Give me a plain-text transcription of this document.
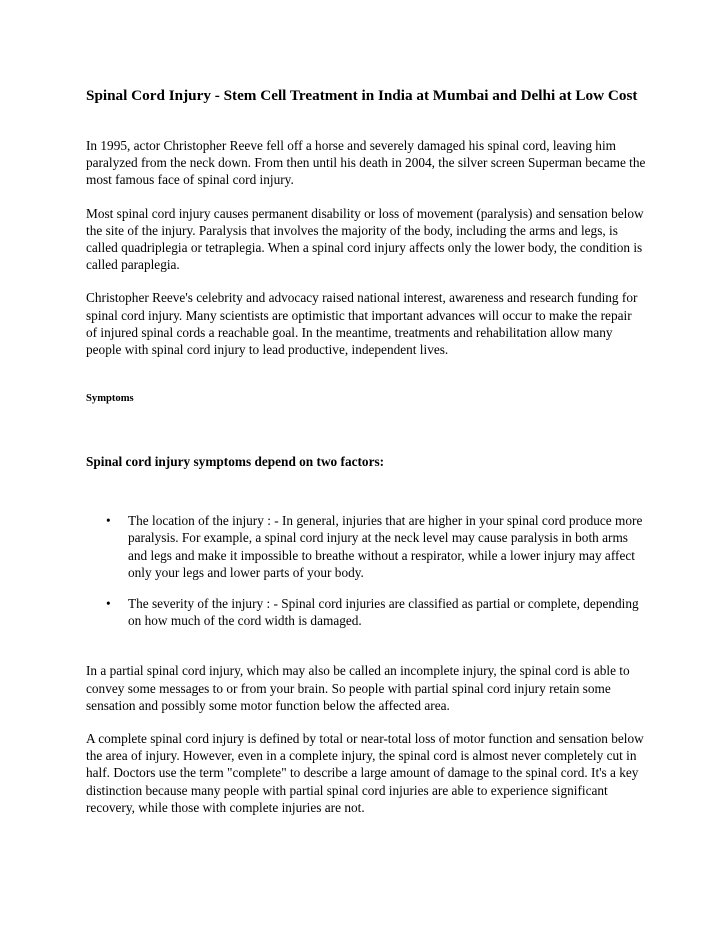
Spinal Cord Injury - Stem Cell Treatment in India at Mumbai and Delhi at Low Cost

In 1995, actor Christopher Reeve fell off a horse and severely damaged his spinal cord, leaving him paralyzed from the neck down. From then until his death in 2004, the silver screen Superman became the most famous face of spinal cord injury.

Most spinal cord injury causes permanent disability or loss of movement (paralysis) and sensation below the site of the injury. Paralysis that involves the majority of the body, including the arms and legs, is called quadriplegia or tetraplegia. When a spinal cord injury affects only the lower body, the condition is called paraplegia.

Christopher Reeve's celebrity and advocacy raised national interest, awareness and research funding for spinal cord injury. Many scientists are optimistic that important advances will occur to make the repair of injured spinal cords a reachable goal. In the meantime, treatments and rehabilitation allow many people with spinal cord injury to lead productive, independent lives.

Symptoms
Spinal cord injury symptoms depend on two factors:
• The location of the injury : - In general, injuries that are higher in your spinal cord produce more paralysis. For example, a spinal cord injury at the neck level may cause paralysis in both arms and legs and make it impossible to breathe without a respirator, while a lower injury may affect only your legs and lower parts of your body.
• The severity of the injury : - Spinal cord injuries are classified as partial or complete, depending on how much of the cord width is damaged.

In a partial spinal cord injury, which may also be called an incomplete injury, the spinal cord is able to convey some messages to or from your brain. So people with partial spinal cord injury retain some sensation and possibly some motor function below the affected area.

A complete spinal cord injury is defined by total or near-total loss of motor function and sensation below the area of injury. However, even in a complete injury, the spinal cord is almost never completely cut in half. Doctors use the term "complete" to describe a large amount of damage to the spinal cord. It's a key distinction because many people with partial spinal cord injuries are able to experience significant recovery, while those with complete injuries are not.
